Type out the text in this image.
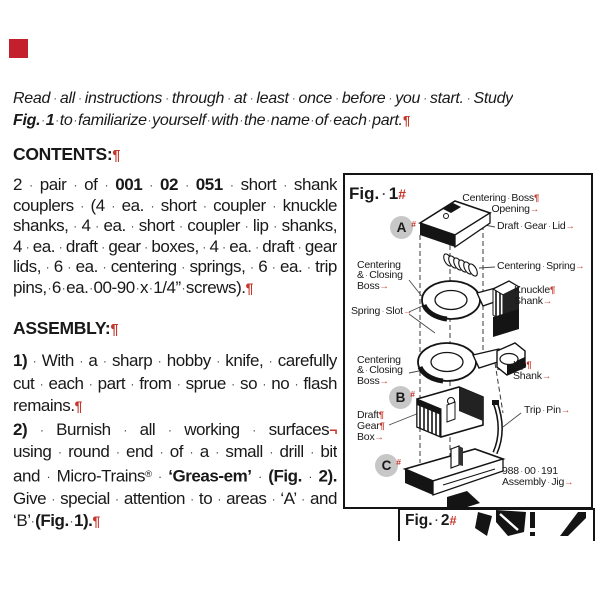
Read · all · instructions · through · at · least · once · before · you · start. · Study
Fig. · 1 · to · familiarize · yourself · with · the · name · of · each · part.¶
CONTENTS:¶
2 · pair · of · 001 · 02 · 051 · short · shank
couplers · (4 · ea. · short · coupler · knuckle
shanks, · 4 · ea. · short · coupler · lip · shanks,
4 · ea. · draft · gear · boxes, · 4 · ea. · draft · gear
lids, · 6 · ea. · centering · springs, · 6 · ea. · trip
pins, · 6 · ea. · 00-90 · x · 1/4” · screws).¶
ASSEMBLY:¶
1) · With · a · sharp · hobby · knife, · carefully
cut · each · part · from · sprue · so · no · flash
remains.¶
2) · Burnish · all · working · surfaces¬
using · round · end · of · a · small · drill · bit
and · Micro-Trains® · ‘Greas-em’ · (Fig. · 2).
Give · special · attention · to · areas · ‘A’ · and
‘B’ · (Fig. · 1).¶
Fig. · 1#	Centering · Boss¶
Opening→
Draft · Gear · Lid→
Centering
& · Closing
Boss→
Centering · Spring→
Knuckle¶
Shank→
Spring · Slot→
Centering
& · Closing
Boss→
Lip¶
Shank→
Draft¶
Gear¶
Box→
Trip · Pin→
988 · 00 · 191
Assembly · Jig→
A #
B #
C #
Fig. · 2#
